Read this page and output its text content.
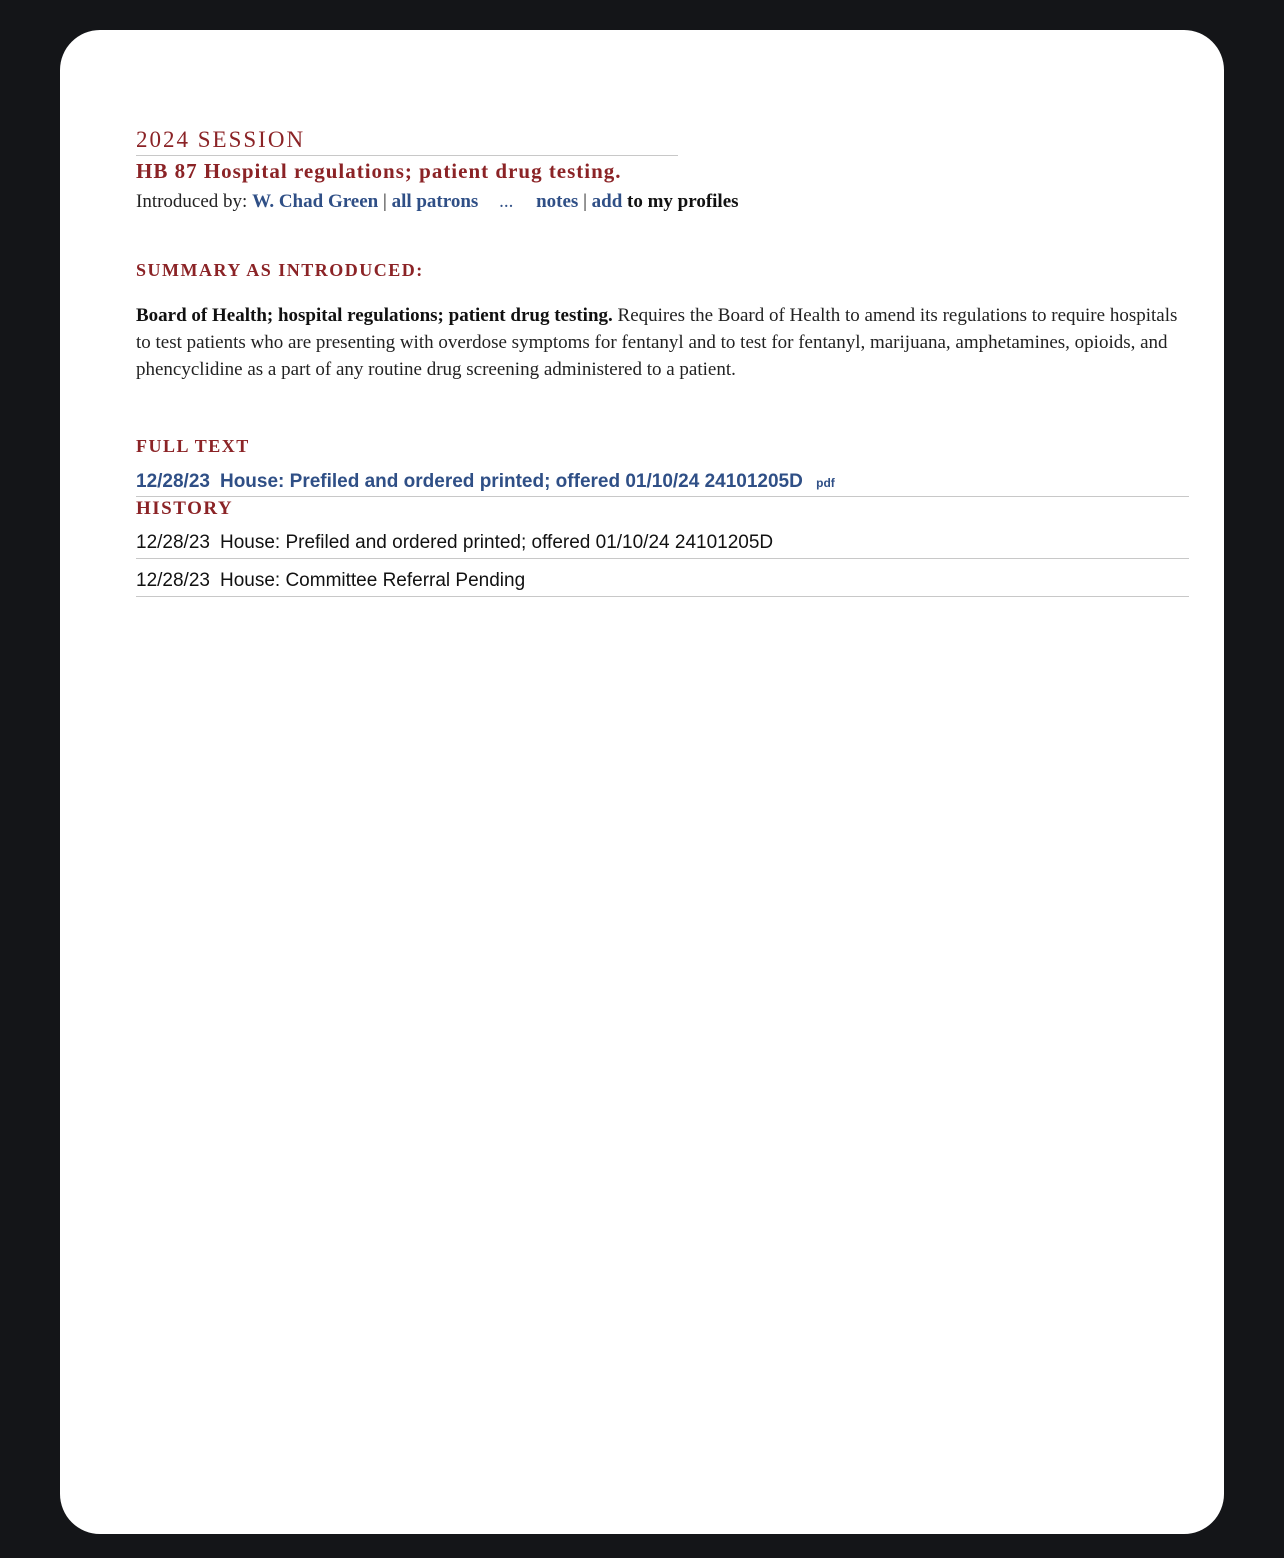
2024 SESSION
HB 87 Hospital regulations; patient drug testing.
Introduced by: W. Chad Green | all patrons ... notes | add to my profiles
SUMMARY AS INTRODUCED:
Board of Health; hospital regulations; patient drug testing. Requires the Board of Health to amend its regulations to require hospitals to test patients who are presenting with overdose symptoms for fentanyl and to test for fentanyl, marijuana, amphetamines, opioids, and phencyclidine as a part of any routine drug screening administered to a patient.
FULL TEXT
12/28/23 House: Prefiled and ordered printed; offered 01/10/24 24101205D pdf
HISTORY
12/28/23 House: Prefiled and ordered printed; offered 01/10/24 24101205D
12/28/23 House: Committee Referral Pending
